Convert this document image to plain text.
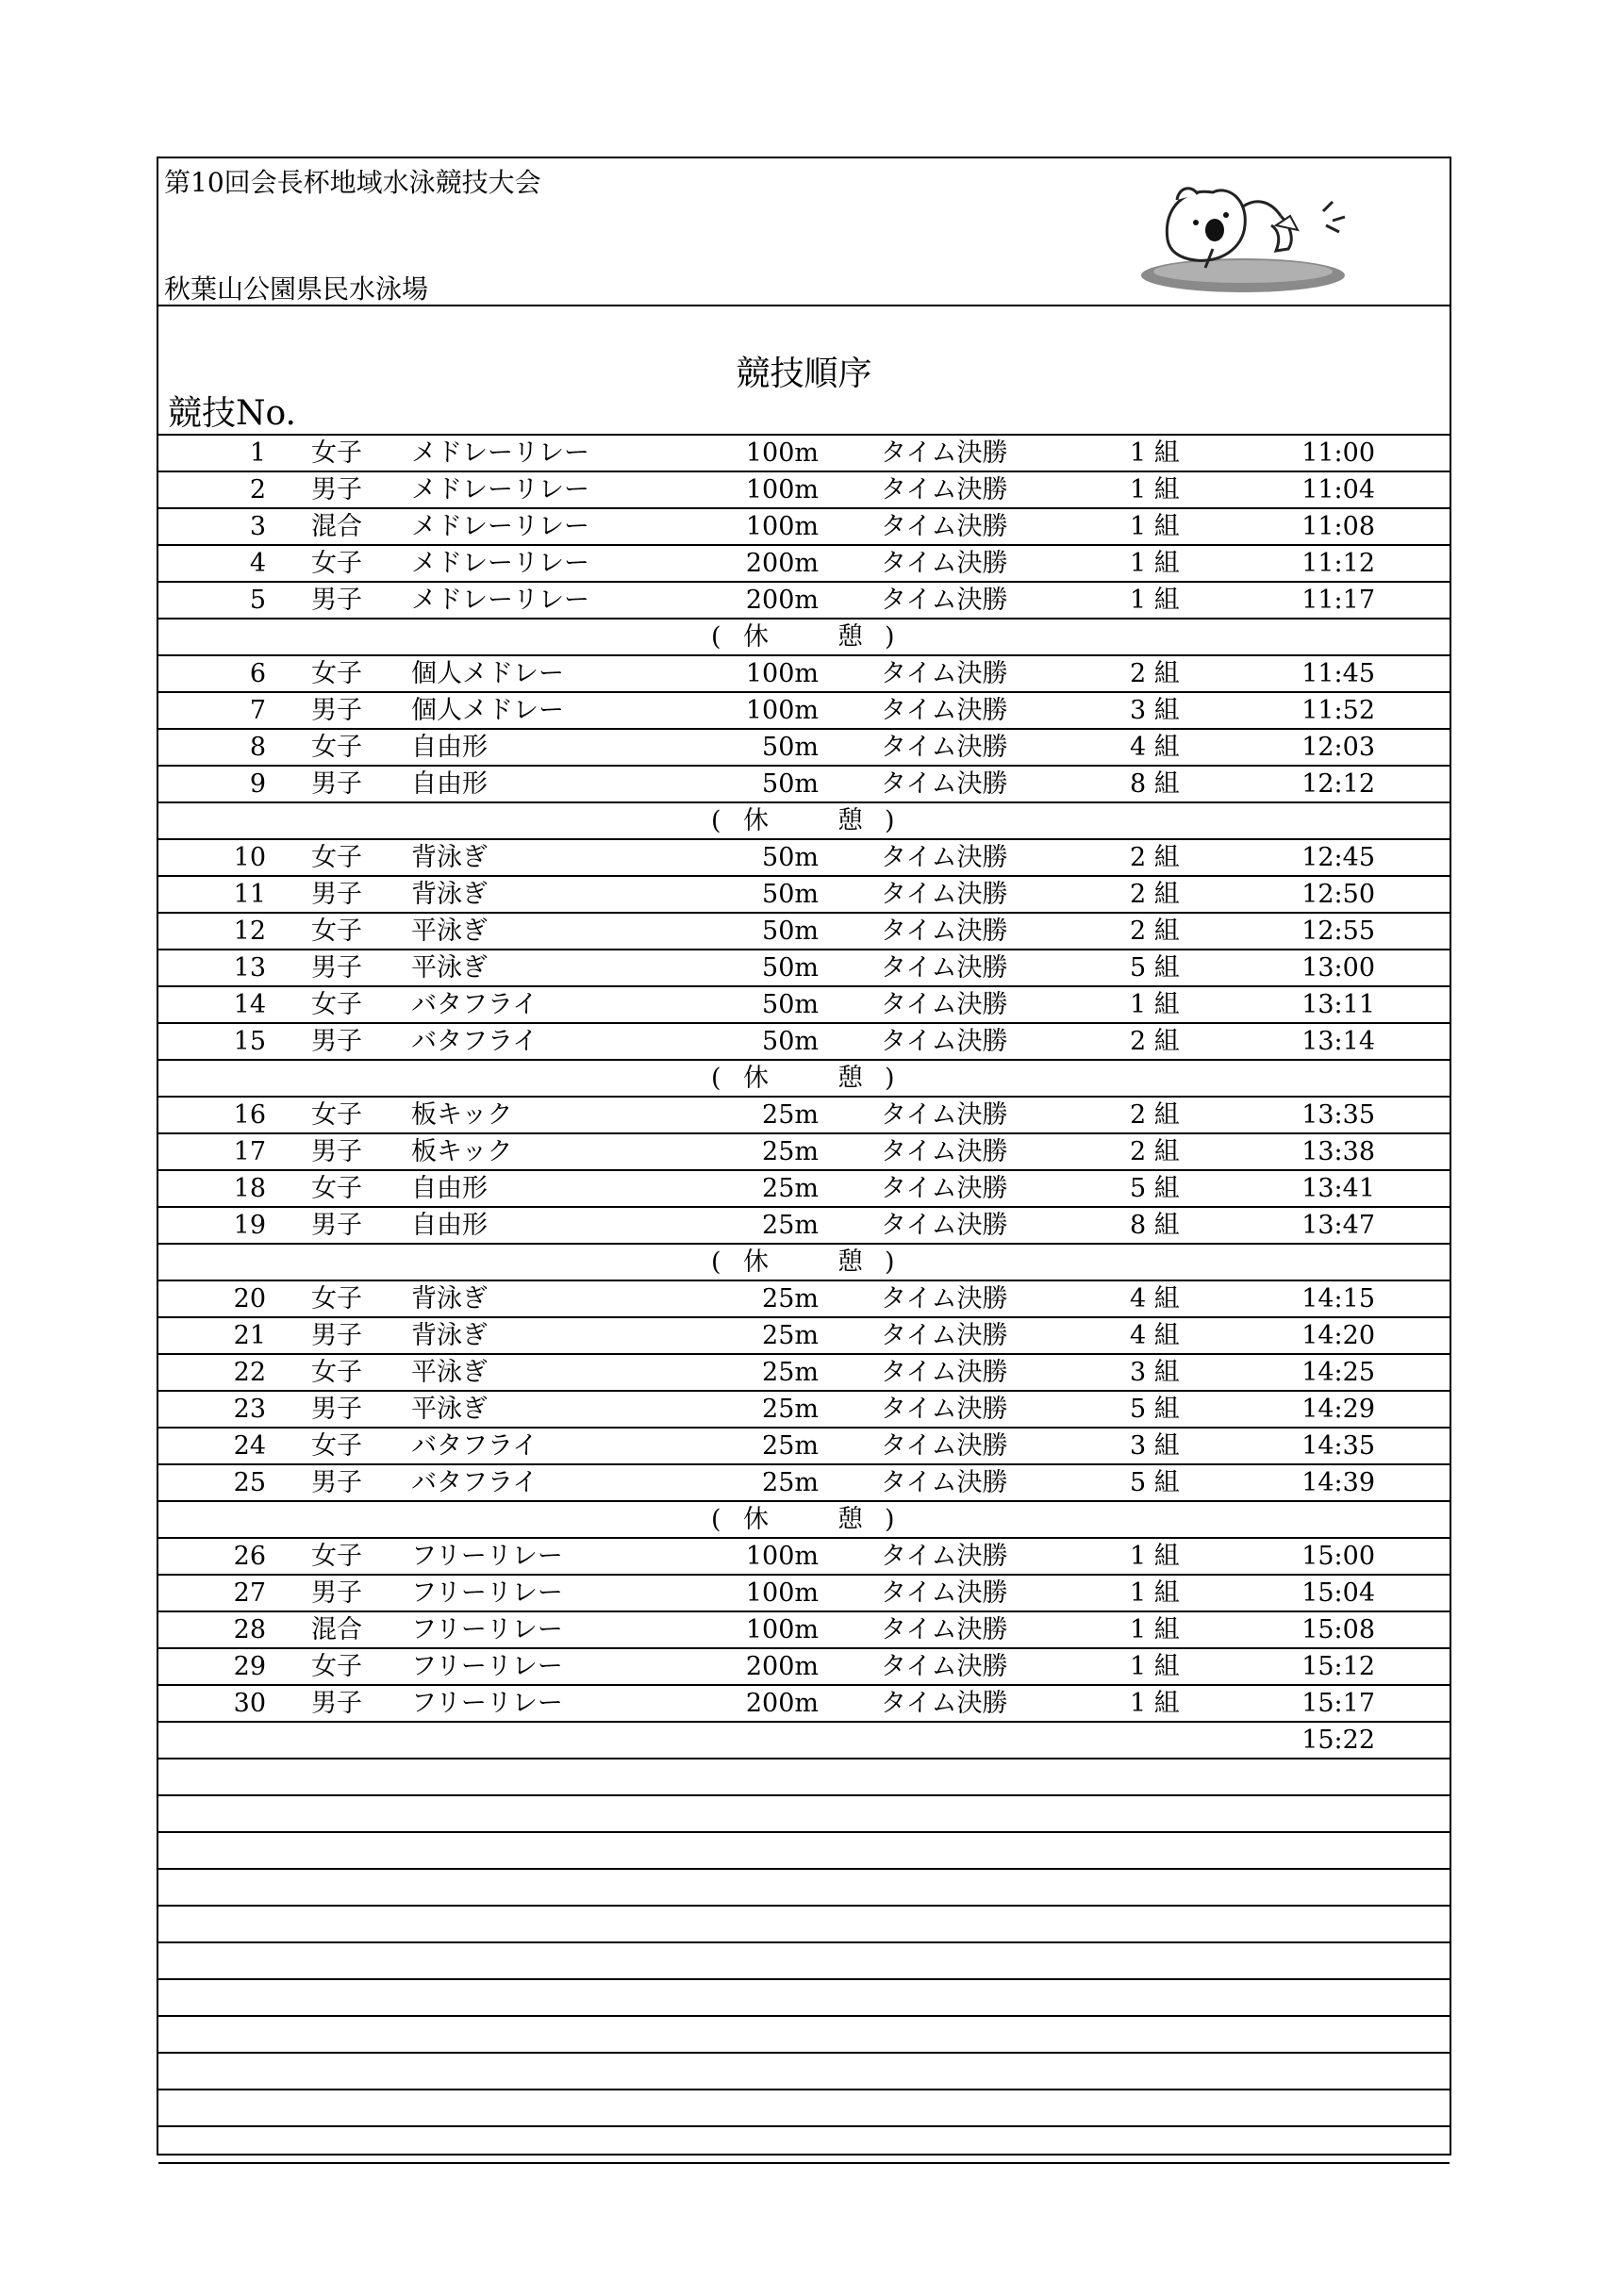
第10回会長杯地域水泳競技大会
秋葉山公園県民水泳場
競技順序
競技No.
1 女子 メドレーリレー	100m タイム決勝	1 組	11:00
2 男子 メドレーリレー	100m タイム決勝	1 組	11:04
3 混合 メドレーリレー	100m タイム決勝	1 組	11:08
4 女子 メドレーリレー	200m タイム決勝	1 組	11:12
5 男子 メドレーリレー	200m タイム決勝	1 組	11:17
( 休	憩 )
6 女子 個人メドレー	100m タイム決勝	2 組	11:45
7 男子 個人メドレー	100m タイム決勝	3 組	11:52
8 女子 自由形	50m タイム決勝	4 組	12:03
9 男子 自由形	50m タイム決勝	8 組	12:12
( 休	憩 )
10 女子 背泳ぎ	50m タイム決勝	2 組	12:45
11 男子 背泳ぎ	50m タイム決勝	2 組	12:50
12 女子 平泳ぎ	50m タイム決勝	2 組	12:55
13 男子 平泳ぎ	50m タイム決勝	5 組	13:00
14 女子 バタフライ	50m タイム決勝	1 組	13:11
15 男子 バタフライ	50m タイム決勝	2 組	13:14
( 休	憩 )
16 女子 板キック	25m タイム決勝	2 組	13:35
17 男子 板キック	25m タイム決勝	2 組	13:38
18 女子 自由形	25m タイム決勝	5 組	13:41
19 男子 自由形	25m タイム決勝	8 組	13:47
( 休	憩 )
20 女子 背泳ぎ	25m タイム決勝	4 組	14:15
21 男子 背泳ぎ	25m タイム決勝	4 組	14:20
22 女子 平泳ぎ	25m タイム決勝	3 組	14:25
23 男子 平泳ぎ	25m タイム決勝	5 組	14:29
24 女子 バタフライ	25m タイム決勝	3 組	14:35
25 男子 バタフライ	25m タイム決勝	5 組	14:39
( 休	憩 )
26 女子 フリーリレー	100m タイム決勝	1 組	15:00
27 男子 フリーリレー	100m タイム決勝	1 組	15:04
28 混合 フリーリレー	100m タイム決勝	1 組	15:08
29 女子 フリーリレー	200m タイム決勝	1 組	15:12
30 男子 フリーリレー	200m タイム決勝	1 組	15:17
15:22
